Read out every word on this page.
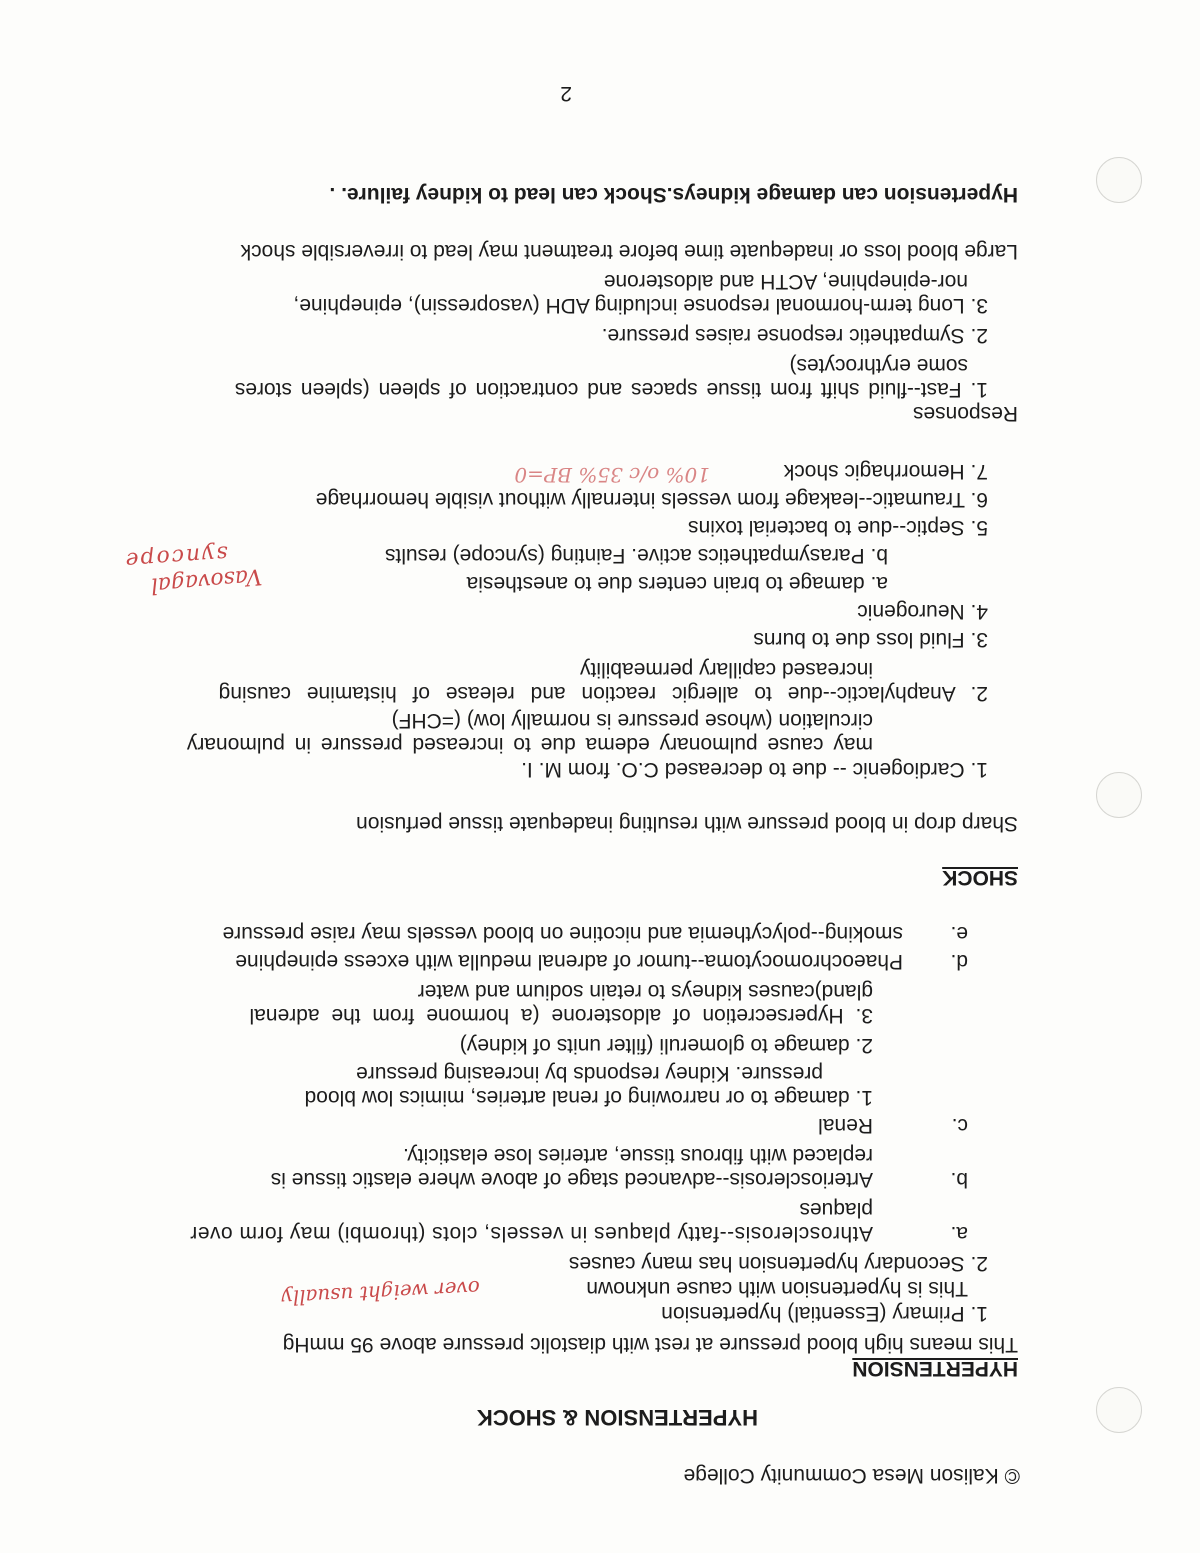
© Kalison Mesa Community College
HYPERTENSION & SHOCK
HYPERTENSION
This means high blood pressure at rest with diastolic pressure above 95 mmHg
1. Primary (Essential) hypertension
This is hypertension with cause unknown
over weight usually
2. Secondary hypertension has many causes
a.
Athrosclerosis--fatty plaques in vessels, clots (thrombi) may form over
plaques
b.
Arteriosclerosis--advanced stage of above where elastic tissue is
replaced with fibrous tissue, arteries lose elasticity.
c.
Renal
1. damage to or narrowing of renal arteries, mimics low blood
pressure. Kidney responds by increasing pressure
2. damage to glomeruli (filter units of kidney)
3. Hypersecretion of aldosterone (a hormone from the adrenal
gland)causes kidneys to retain sodium and water
d.
Phaeochromocytoma--tumor of adrenal medulla with excess epinephine
e.
smoking--polycythemia and nicotine on blood vessels may raise pressure
SHOCK
Sharp drop in blood pressure with resulting inadequate tissue perfusion
1. Cardiogenic -- due to decreased C.O. from M. I.
may cause pulmonary edema due to increased pressure in pulmonary
circulation (whose pressure is normally low) (=CHF)
2. Anaphylactic--due to allergic reaction and release of histamine causing
increased capillary permeability
3. Fluid loss due to burns
4. Neurogenic
a. damage to brain centers due to anesthesia
b. Parasympathetics active. Fainting (syncope) results
Vasovagal
syncope
5. Septic--due to bacterial toxins
6. Traumatic--leakage from vessels internally without visible hemorrhage
7. Hemorrhagic shock
10% o/c 35% BP=0
Responses
1. Fast--fluid shift from tissue spaces and contraction of spleen (spleen stores
some erythrocytes)
2. Sympathetic response raises pressure.
3. Long term-hormonal response including ADH (vasopressin), epinephine,
nor-epinephine, ACTH and aldosterone
Large blood loss or inadequate time before treatment may lead to irreversible shock
Hypertension can damage kidneys.Shock can lead to kidney failure. .
2
